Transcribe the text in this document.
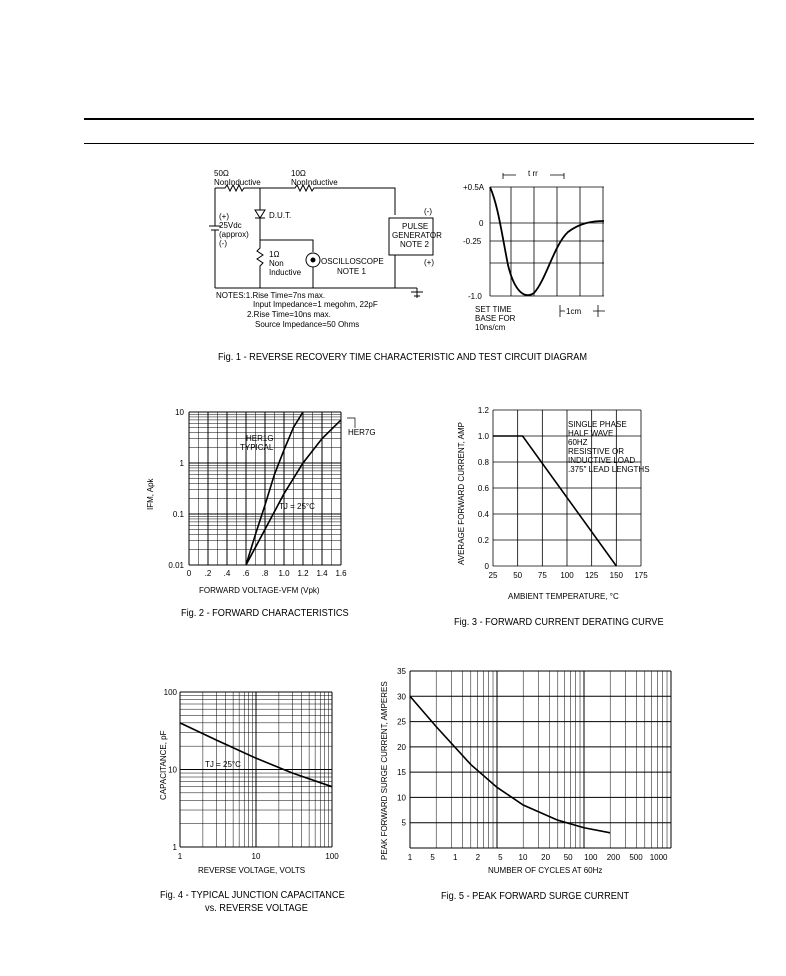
50Ω
NonInductive
10Ω
NonInductive
(+)
25Vdc
(approx)
(-)
D.U.T.
1Ω
Non
Inductive
OSCILLOSCOPE
NOTE 1
(-)
PULSE
GENERATOR
NOTE 2
(+)
NOTES:1.Rise Time=7ns max.
Input Impedance=1 megohm, 22pF
2.Rise Time=10ns max.
Source Impedance=50 Ohms
t rr
+0.5A
0
-0.25
-1.0
SET TIME
BASE FOR
10ns/cm
1cm
Fig. 1 - REVERSE RECOVERY TIME CHARACTERISTIC AND TEST CIRCUIT DIAGRAM
0 .2 .4 .6 .8 1.0 1.2 1.4 1.6
0.01
0.1
1
10
HER1G
TYPICAL
HER7G
TJ = 25°C
FORWARD VOLTAGE-VFM (Vpk)
IFM, Apk
Fig. 2 - FORWARD CHARACTERISTICS
25 50 75 100 125 150 175
0
0.2
0.4
0.6
0.8
1.0
1.2
SINGLE PHASE
HALF WAVE
60HZ
RESISTIVE OR
INDUCTIVE LOAD
.375" LEAD LENGTHS
AMBIENT TEMPERATURE, °C
AVERAGE FORWARD CURRENT, AMP
Fig. 3 - FORWARD CURRENT DERATING CURVE
1	10	100
1
10
100
TJ = 25°C
REVERSE VOLTAGE, VOLTS
CAPACITANCE, pF
Fig. 4 - TYPICAL JUNCTION CAPACITANCE
vs. REVERSE VOLTAGE
1 5 1 2 5 10 20 50 100 200 500 1000
5
10
15
20
25
30
35
NUMBER OF CYCLES AT 60Hz
PEAK FORWARD SURGE CURRENT, AMPERES
Fig. 5 - PEAK FORWARD SURGE CURRENT
